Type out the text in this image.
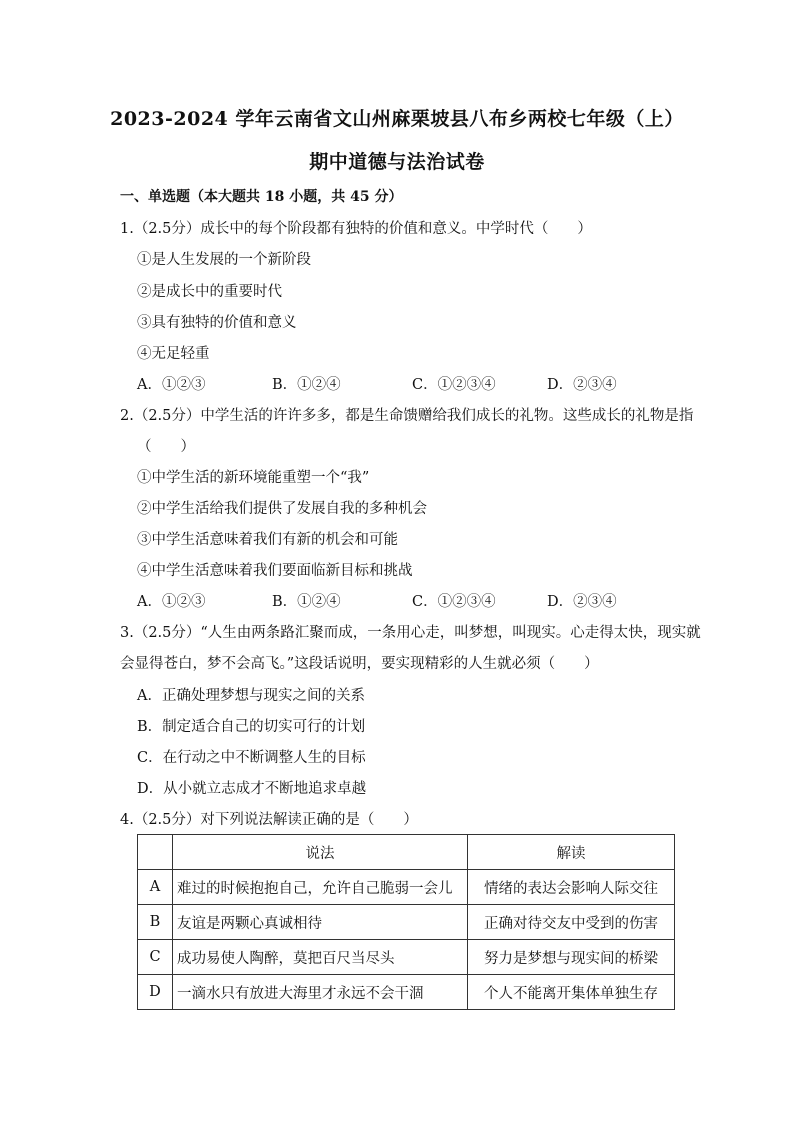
2023-2024 学年云南省文山州麻栗坡县八布乡两校七年级（上）
期中道德与法治试卷
一、单选题（本大题共 18 小题，共 45 分）
1.（2.5分）成长中的每个阶段都有独特的价值和意义。中学时代（　　）
①是人生发展的一个新阶段
②是成长中的重要时代
③具有独特的价值和意义
④无足轻重
A．①②③	B．①②④	C．①②③④	D．②③④
2.（2.5分）中学生活的许许多多，都是生命馈赠给我们成长的礼物。这些成长的礼物是指
（　　）
①中学生活的新环境能重塑一个“我”
②中学生活给我们提供了发展自我的多种机会
③中学生活意味着我们有新的机会和可能
④中学生活意味着我们要面临新目标和挑战
A．①②③	B．①②④	C．①②③④	D．②③④
3.（2.5分）“人生由两条路汇聚而成，一条用心走，叫梦想，叫现实。心走得太快，现实就
会显得苍白，梦不会高飞。”这段话说明，要实现精彩的人生就必须（　　）
A．正确处理梦想与现实之间的关系
B．制定适合自己的切实可行的计划
C．在行动之中不断调整人生的目标
D．从小就立志成才不断地追求卓越
4.（2.5分）对下列说法解读正确的是（　　）
	说法	解读
A	难过的时候抱抱自己，允许自己脆弱一会儿	情绪的表达会影响人际交往
B	友谊是两颗心真诚相待	正确对待交友中受到的伤害
C	成功易使人陶醉，莫把百尺当尽头	努力是梦想与现实间的桥梁
D	一滴水只有放进大海里才永远不会干涸	个人不能离开集体单独生存
